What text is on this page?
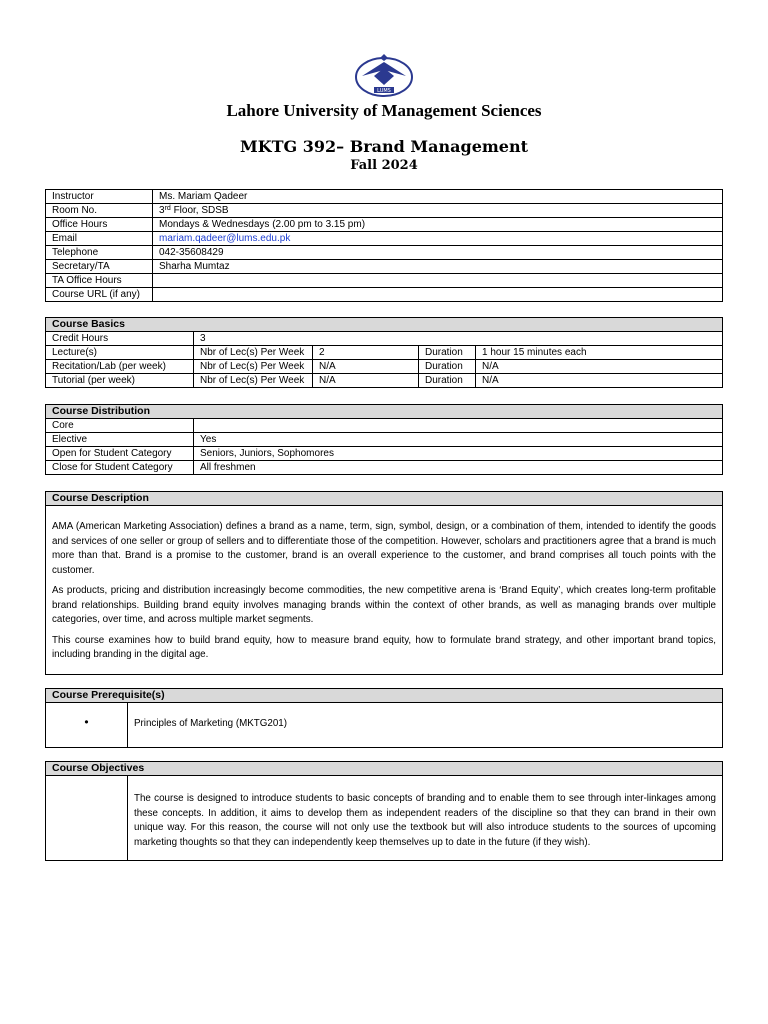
LUMS
Lahore University of Management Sciences
MKTG 392– Brand Management
Fall 2024
Instructor	Ms. Mariam Qadeer
Room No.	3rd Floor, SDSB
Office Hours	Mondays & Wednesdays (2.00 pm to 3.15 pm)
Email	mariam.qadeer@lums.edu.pk
Telephone	042-35608429
Secretary/TA	Sharha Mumtaz
TA Office Hours	
Course URL (if any)	
Course Basics				
Credit Hours	3			
Lecture(s)	Nbr of Lec(s) Per Week	2	Duration	1 hour 15 minutes each
Recitation/Lab (per week)	Nbr of Lec(s) Per Week	N/A	Duration	N/A
Tutorial (per week)	Nbr of Lec(s) Per Week	N/A	Duration	N/A
Course Distribution	
Core	
Elective	Yes
Open for Student Category	Seniors, Juniors, Sophomores
Close for Student Category	All freshmen
Course Description

AMA (American Marketing Association) defines a brand as a name, term, sign, symbol, design, or a combination of them, intended to identify the goods and services of one seller or group of sellers and to differentiate those of the competition. However, scholars and practitioners agree that a brand is much more than that. Brand is a promise to the customer, brand is an overall experience to the customer, and brand comprises all touch points with the customer.

As products, pricing and distribution increasingly become commodities, the new competitive arena is ‘Brand Equity’, which creates long-term profitable brand relationships. Building brand equity involves managing brands within the context of other brands, as well as managing brands over multiple categories, over time, and across multiple market segments.

This course examines how to build brand equity, how to measure brand equity, how to formulate brand strategy, and other important brand topics, including branding in the digital age.

Course Prerequisite(s)
•	Principles of Marketing (MKTG201)
Course Objectives
The course is designed to introduce students to basic concepts of branding and to enable them to see through inter-linkages among these concepts. In addition, it aims to develop them as independent readers of the discipline so that they can brand in their own unique way. For this reason, the course will not only use the textbook but will also introduce students to the sources of upcoming marketing thoughts so that they can independently keep themselves up to date in the future (if they wish).
